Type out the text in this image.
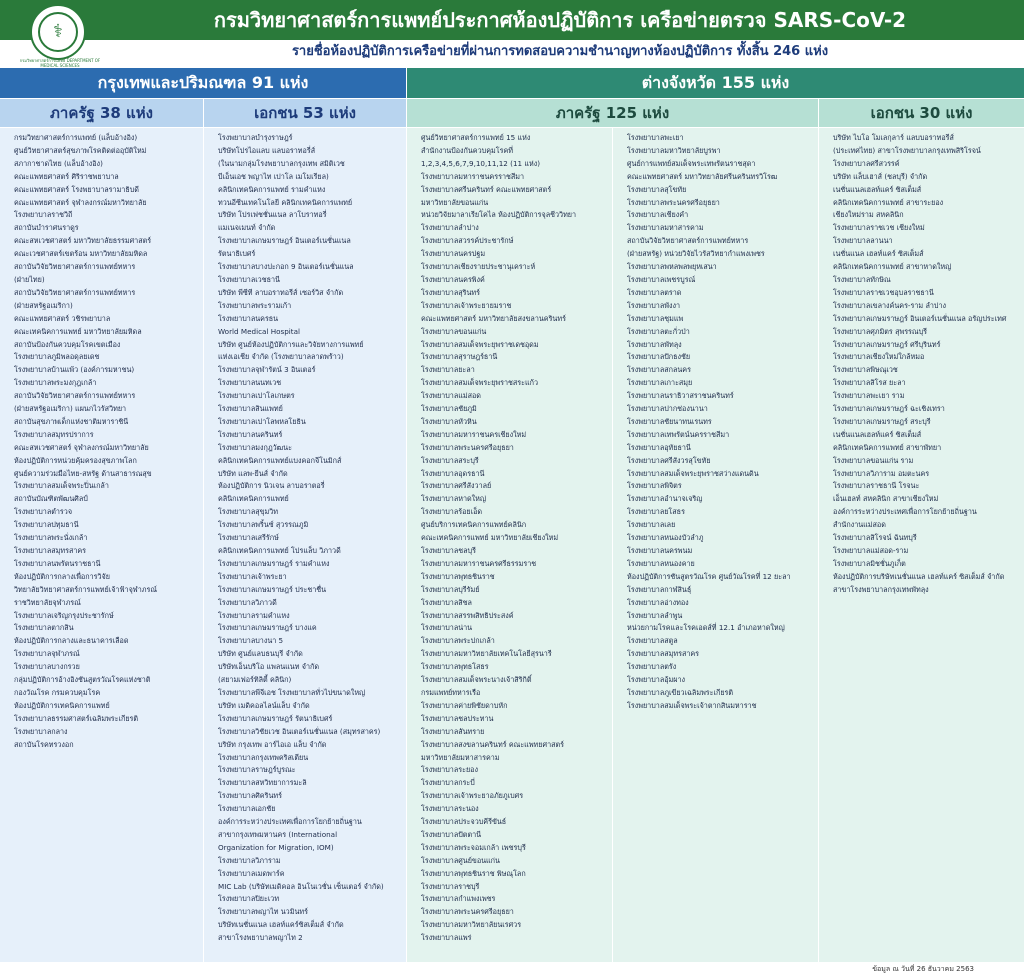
⚕
กรมวิทยาศาสตร์การแพทย์ DEPARTMENT OF MEDICAL SCIENCES
กรมวิทยาศาสตร์การแพทย์ประกาศห้องปฏิบัติการ เครือข่ายตรวจ SARS-CoV-2
รายชื่อห้องปฏิบัติการเครือข่ายที่ผ่านการทดสอบความชำนาญทางห้องปฏิบัติการ ทั้งสิ้น 246 แห่ง
กรุงเทพและปริมณฑล 91 แห่ง	ต่างจังหวัด 155 แห่ง
ภาครัฐ 38 แห่ง	เอกชน 53 แห่ง	ภาครัฐ 125 แห่ง	เอกชน 30 แห่ง
• กรมวิทยาศาสตร์การแพทย์ (แล็บอ้างอิง)
• ศูนย์วิทยาศาสตร์สุขภาพโรคติดต่ออุบัติใหม่
• สภากาชาดไทย (แล็บอ้างอิง)
• คณะแพทยศาสตร์ ศิริราชพยาบาล
• คณะแพทยศาสตร์ โรงพยาบาลรามาธิบดี
• คณะแพทยศาสตร์ จุฬาลงกรณ์มหาวิทยาลัย
• โรงพยาบาลราชวิถี
• สถาบันบำราศนราดูร
• คณะสหเวชศาสตร์ มหาวิทยาลัยธรรมศาสตร์
• คณะเวชศาสตร์เขตร้อน มหาวิทยาลัยมหิดล
• สถาบันวิจัยวิทยาศาสตร์การแพทย์ทหาร
• (ฝ่ายไทย)
• สถาบันวิจัยวิทยาศาสตร์การแพทย์ทหาร
• (ฝ่ายสหรัฐอเมริกา)
• คณะแพทยศาสตร์ วชิรพยาบาล
• คณะเทคนิคการแพทย์ มหาวิทยาลัยมหิดล
• สถาบันป้องกันควบคุมโรคเขตเมือง
• โรงพยาบาลภูมิพลอดุลยเดช
• โรงพยาบาลบ้านแพ้ว (องค์การมหาชน)
• โรงพยาบาลพระมงกุฎเกล้า
• สถาบันวิจัยวิทยาศาสตร์การแพทย์ทหาร
• (ฝ่ายสหรัฐอเมริกา) แผนกไวรัสวิทยา
• สถาบันสุขภาพเด็กแห่งชาติมหาราชินี
• โรงพยาบาลสมุทรปราการ
• คณะสหเวชศาสตร์ จุฬาลงกรณ์มหาวิทยาลัย
• ห้องปฏิบัติการหน่วยคุ้มครองสุขภาพโลก
• ศูนย์ความร่วมมือไทย-สหรัฐ ด้านสาธารณสุข
• โรงพยาบาลสมเด็จพระปิ่นเกล้า
• สถาบันบัณฑิตพัฒนศิลป์
• โรงพยาบาลตำรวจ
• โรงพยาบาลปทุมธานี
• โรงพยาบาลพระนั่งเกล้า
• โรงพยาบาลสมุทรสาคร
• โรงพยาบาลนพรัตนราชธานี
• ห้องปฏิบัติการกลางเพื่อการวิจัย
• วิทยาลัยวิทยาศาสตร์การแพทย์เจ้าฟ้าจุฬาภรณ์
• ราชวิทยาลัยจุฬาภรณ์
• โรงพยาบาลเจริญกรุงประชารักษ์
• โรงพยาบาลตากสิน
• ห้องปฏิบัติการกลางและธนาคารเลือด
• โรงพยาบาลจุฬาภรณ์
• โรงพยาบาลบางกรวย
• กลุ่มปฏิบัติการอ้างอิงชันสูตรวัณโรคแห่งชาติ
• กองวัณโรค กรมควบคุมโรค
• ห้องปฏิบัติการเทคนิคการแพทย์
• โรงพยาบาลธรรมศาสตร์เฉลิมพระเกียรติ
• โรงพยาบาลกลาง
• สถาบันโรคทรวงอก
• โรงพยาบาลบำรุงราษฎร์
• บริษัทโปรไอแลบ แลบอราทอรี่ส์
• (ในนามกลุ่มโรงพยาบาลกรุงเทพ สมิติเวช
• บีเอ็นเอช พญาไท เปาโล เมโมเรียล)
• คลินิกเทคนิคการแพทย์ รามคำแหง
• ทวนอีซีนเทคโนโลยี คลินิกเทคนิคการแพทย์
• บริษัท โปรเฟชชั่นแนล ลาโบราทอรี่
• แมเนจเมนท์ จำกัด
• โรงพยาบาลเกษมราษฎร์ อินเตอร์เนชั่นแนล
• รัตนาธิเบศร์
• โรงพยาบาลบางปะกอก 9 อินเตอร์เนชั่นแนล
• โรงพยาบาลเวชธานี
• บริษัท พีซีที ลาบอราทอรีส์ เซอร์วิส จำกัด
• โรงพยาบาลพระรามเก้า
• โรงพยาบาลนครธน
• World Medical Hospital
• บริษัท ศูนย์ห้องปฏิบัติการและวิจัยทางการแพทย์
• แห่งเอเชีย จำกัด (โรงพยาบาลลาดพร้าว)
• โรงพยาบาลจุฬารัตน์ 3 อินเตอร์
• โรงพยาบาลนนทเวช
• โรงพยาบาลเปาโลเกษตร
• โรงพยาบาลสินแพทย์
• โรงพยาบาลเปาโลพหลโยธิน
• โรงพยาบาลนครินทร์
• โรงพยาบาลมงกุฎวัฒนะ
• คลินิกเทคนิคการแพทย์แบงคอกจีโนมิกส์
• บริษัท แลพ-ยีนส์ จำกัด
• ห้องปฏิบัติการ นิวเจน ลาบอราตอรี่
• คลินิกเทคนิคการแพทย์
• โรงพยาบาลสุขุมวิท
• โรงพยาบาลพริ้นซ์ สุวรรณภูมิ
• โรงพยาบาลเสรีรักษ์
• คลินิกเทคนิคการแพทย์ โปรแล็บ วิภาวดี
• โรงพยาบาลเกษมราษฎร์ รามคำแหง
• โรงพยาบาลเจ้าพระยา
• โรงพยาบาลเกษมราษฎร์ ประชาชื่น
• โรงพยาบาลวิภาวดี
• โรงพยาบาลรามคำแหง
• โรงพยาบาลเกษมราษฎร์ บางแค
• โรงพยาบาลบางนา 5
• บริษัท ศูนย์แลบธนบุรี จำกัด
• บริษัทเอ็นบริโอ แพลนแนท จำกัด
• (สยามเฟอร์ทิลิตี้ คลินิก)
• โรงพยาบาลพีจีเอช โรงพยาบาลทั่วไปขนาดใหญ่
• บริษัท เมดิคอลไลน์แล็บ จำกัด
• โรงพยาบาลเกษมราษฎร์ รัตนาธิเบศร์
• โรงพยาบาลวิชัยเวช อินเตอร์เนชั่นแนล (สมุทรสาคร)
• บริษัท กรุงเทพ อาร์ไอเอ แล็บ จำกัด
• โรงพยาบาลกรุงเทพคริสเตียน
• โรงพยาบาลราษฎร์บูรณะ
• โรงพยาบาลสหวิทยาการมะลิ
• โรงพยาบาลศิครินทร์
• โรงพยาบาลเอกชัย
• องค์การระหว่างประเทศเพื่อการโยกย้ายถิ่นฐาน
• สาขากรุงเทพมหานคร (International
• Organization for Migration, IOM)
• โรงพยาบาลวิภาราม
• โรงพยาบาลเมดพาร์ค
• MIC Lab (บริษัทเมดิคอล อินโนเวชั่น เซ็นเตอร์ จำกัด)
• โรงพยาบาลปิยะเวท
• โรงพยาบาลพญาไท นวมินทร์
• บริษัทเนชั่นแนล เฮลท์แคร์ซิสเต็มส์ จำกัด
• สาขาโรงพยาบาลพญาไท 2
• ศูนย์วิทยาศาสตร์การแพทย์ 15 แห่ง
• สำนักงานป้องกันควบคุมโรคที่
• 1,2,3,4,5,6,7,9,10,11,12 (11 แห่ง)
• โรงพยาบาลมหาราชนครราชสีมา
• โรงพยาบาลศรีนครินทร์ คณะแพทยศาสตร์
• มหาวิทยาลัยขอนแก่น
• หน่วยวิจัยมาลาเรียโคไล ห้องปฏิบัติการจุลชีววิทยา
• โรงพยาบาลลำปาง
• โรงพยาบาลสวรรค์ประชารักษ์
• โรงพยาบาลนครปฐม
• โรงพยาบาลเชียงรายประชานุเคราะห์
• โรงพยาบาลนครพิงค์
• โรงพยาบาลสุรินทร์
• โรงพยาบาลเจ้าพระยายมราช
• คณะแพทยศาสตร์ มหาวิทยาลัยสงขลานครินทร์
• โรงพยาบาลขอนแก่น
• โรงพยาบาลสมเด็จพระยุพราชเดชอุดม
• โรงพยาบาลสุราษฎร์ธานี
• โรงพยาบาลยะลา
• โรงพยาบาลสมเด็จพระยุพราชสระแก้ว
• โรงพยาบาลแม่สอด
• โรงพยาบาลชัยภูมิ
• โรงพยาบาลหัวหิน
• โรงพยาบาลมหาราชนครเชียงใหม่
• โรงพยาบาลพระนครศรีอยุธยา
• โรงพยาบาลสระบุรี
• โรงพยาบาลอุดรธานี
• โรงพยาบาลศรีสังวาลย์
• โรงพยาบาลหาดใหญ่
• โรงพยาบาลร้อยเอ็ด
• ศูนย์บริการเทคนิคการแพทย์คลินิก
• คณะเทคนิคการแพทย์ มหาวิทยาลัยเชียงใหม่
• โรงพยาบาลชลบุรี
• โรงพยาบาลมหาราชนครศรีธรรมราช
• โรงพยาบาลพุทธชินราช
• โรงพยาบาลบุรีรัมย์
• โรงพยาบาลสิชล
• โรงพยาบาลสรรพสิทธิประสงค์
• โรงพยาบาลน่าน
• โรงพยาบาลพระปกเกล้า
• โรงพยาบาลมหาวิทยาลัยเทคโนโลยีสุรนารี
• โรงพยาบาลพุทธโสธร
• โรงพยาบาลสมเด็จพระนางเจ้าสิริกิติ์
• กรมแพทย์ทหารเรือ
• โรงพยาบาลค่ายพิชัยดาบหัก
• โรงพยาบาลชลประทาน
• โรงพยาบาลสันทราย
• โรงพยาบาลสงขลานครินทร์ คณะแพทยศาสตร์
• มหาวิทยาลัยมหาสารคาม
• โรงพยาบาลระยอง
• โรงพยาบาลกระบี่
• โรงพยาบาลเจ้าพระยาอภัยภูเบศร
• โรงพยาบาลระนอง
• โรงพยาบาลประจวบคีรีขันธ์
• โรงพยาบาลปัตตานี
• โรงพยาบาลพระจอมเกล้า เพชรบุรี
• โรงพยาบาลศูนย์ขอนแก่น
• โรงพยาบาลพุทธชินราช พิษณุโลก
• โรงพยาบาลราชบุรี
• โรงพยาบาลกำแพงเพชร
• โรงพยาบาลพระนครศรีอยุธยา
• โรงพยาบาลมหาวิทยาลัยนเรศวร
• โรงพยาบาลแพร่
• โรงพยาบาลพะเยา
• โรงพยาบาลมหาวิทยาลัยบูรพา
• ศูนย์การแพทย์สมเด็จพระเทพรัตนราชสุดา
• คณะแพทยศาสตร์ มหาวิทยาลัยศรีนครินทรวิโรฒ
• โรงพยาบาลสุโขทัย
• โรงพยาบาลพระนครศรีอยุธยา
• โรงพยาบาลเชียงคำ
• โรงพยาบาลมหาสารคาม
• สถาบันวิจัยวิทยาศาสตร์การแพทย์ทหาร
• (ฝ่ายสหรัฐ) หน่วยวิจัยไวรัสวิทยากำแพงเพชร
• โรงพยาบาลพหลพลพยุหเสนา
• โรงพยาบาลเพชรบูรณ์
• โรงพยาบาลตราด
• โรงพยาบาลพังงา
• โรงพยาบาลชุมแพ
• โรงพยาบาลตะกั่วป่า
• โรงพยาบาลพัทลุง
• โรงพยาบาลปักธงชัย
• โรงพยาบาลสกลนคร
• โรงพยาบาลเกาะสมุย
• โรงพยาบาลนราธิวาสราชนครินทร์
• โรงพยาบาลปากช่องนานา
• โรงพยาบาลชัยนาทนเรนทร
• โรงพยาบาลเทพรัตน์นครราชสีมา
• โรงพยาบาลอุทัยธานี
• โรงพยาบาลศรีสังวรสุโขทัย
• โรงพยาบาลสมเด็จพระยุพราชสว่างแดนดิน
• โรงพยาบาลพิจิตร
• โรงพยาบาลอำนาจเจริญ
• โรงพยาบาลยโสธร
• โรงพยาบาลเลย
• โรงพยาบาลหนองบัวลำภู
• โรงพยาบาลนครพนม
• โรงพยาบาลหนองคาย
• ห้องปฏิบัติการชันสูตรวัณโรค ศูนย์วัณโรคที่ 12 ยะลา
• โรงพยาบาลกาฬสินธุ์
• โรงพยาบาลอ่างทอง
• โรงพยาบาลลำพูน
• หน่วยกามโรคและโรคเอดส์ที่ 12.1 อำเภอหาดใหญ่
• โรงพยาบาลสตูล
• โรงพยาบาลสมุทรสาคร
• โรงพยาบาลตรัง
• โรงพยาบาลอุ้มผาง
• โรงพยาบาลภูเขียวเฉลิมพระเกียรติ
• โรงพยาบาลสมเด็จพระเจ้าตากสินมหาราช
• บริษัท ไบโอ โมเลกุลาร์ แลบบอราทอรีส์
• (ประเทศไทย) สาขาโรงพยาบาลกรุงเทพสิริโรจน์
• โรงพยาบาลศรีสวรรค์
• บริษัท แล็บเฮาส์ (ชลบุรี) จำกัด
• เนชั่นแนลเฮลท์แคร์ ซิสเต็มส์
• คลินิกเทคนิคการแพทย์ สาขาระยอง
• เชียงใหม่ราม สหคลินิก
• โรงพยาบาลราชเวช เชียงใหม่
• โรงพยาบาลลานนา
• เนชั่นแนล เฮลท์แคร์ ซิสเต็มส์
• คลินิกเทคนิคการแพทย์ สาขาหาดใหญ่
• โรงพยาบาลทักษิณ
• โรงพยาบาลราชเวชอุบลราชธานี
• โรงพยาบาลเขลางค์นคร-ราม ลำปาง
• โรงพยาบาลเกษมราษฎร์ อินเตอร์เนชั่นแนล อรัญประเทศ
• โรงพยาบาลศุภมิตร สุพรรณบุรี
• โรงพยาบาลเกษมราษฎร์ ศรีบุรินทร์
• โรงพยาบาลเชียงใหม่ใกล้หมอ
• โรงพยาบาลพิษณุเวช
• โรงพยาบาลสิโรส ยะลา
• โรงพยาบาลพะเยา ราม
• โรงพยาบาลเกษมราษฎร์ ฉะเชิงเทรา
• โรงพยาบาลเกษมราษฎร์ สระบุรี
• เนชั่นแนลเฮลท์แคร์ ซิสเต็มส์
• คลินิกเทคนิคการแพทย์ สาขาพัทยา
• โรงพยาบาลขอนแก่น ราม
• โรงพยาบาลวิภาราม อมตะนคร
• โรงพยาบาลราชธานี โรจนะ
• เอ็นเฮลท์ สหคลินิก สาขาเชียงใหม่
• องค์การระหว่างประเทศเพื่อการโยกย้ายถิ่นฐาน
• สำนักงานแม่สอด
• โรงพยาบาลสิโรจน์ ฉันทบุรี
• โรงพยาบาลแม่สอด-ราม
• โรงพยาบาลมิชชั่นภูเก็ต
• ห้องปฏิบัติการบริษัทเนชั่นแนล เฮลท์แคร์ ซิสเต็มส์ จำกัด
• สาขาโรงพยาบาลกรุงเทพพัทลุง
ข้อมูล ณ วันที่ 26 ธันวาคม 2563
